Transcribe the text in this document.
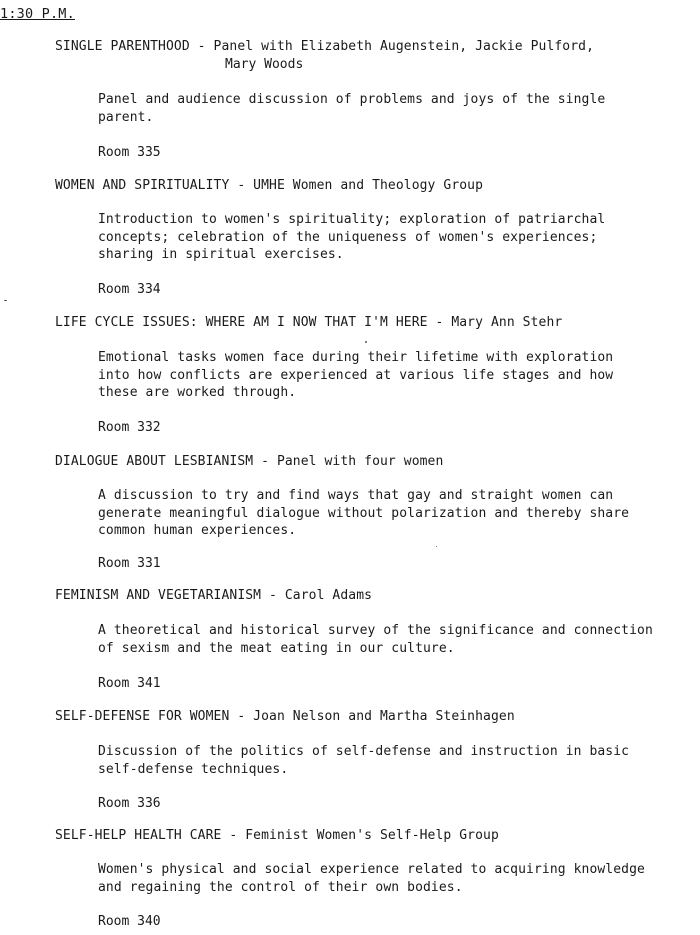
1:30 P.M.
SINGLE PARENTHOOD - Panel with Elizabeth Augenstein, Jackie Pulford,
Mary Woods
Panel and audience discussion of problems and joys of the single
parent.
Room 335
WOMEN AND SPIRITUALITY - UMHE Women and Theology Group
Introduction to women's spirituality; exploration of patriarchal
concepts; celebration of the uniqueness of women's experiences;
sharing in spiritual exercises.
Room 334
LIFE CYCLE ISSUES: WHERE AM I NOW THAT I'M HERE - Mary Ann Stehr
Emotional tasks women face during their lifetime with exploration
into how conflicts are experienced at various life stages and how
these are worked through.
Room 332
DIALOGUE ABOUT LESBIANISM - Panel with four women
A discussion to try and find ways that gay and straight women can
generate meaningful dialogue without polarization and thereby share
common human experiences.
Room 331
FEMINISM AND VEGETARIANISM - Carol Adams
A theoretical and historical survey of the significance and connection
of sexism and the meat eating in our culture.
Room 341
SELF-DEFENSE FOR WOMEN - Joan Nelson and Martha Steinhagen
Discussion of the politics of self-defense and instruction in basic
self-defense techniques.
Room 336
SELF-HELP HEALTH CARE - Feminist Women's Self-Help Group
Women's physical and social experience related to acquiring knowledge
and regaining the control of their own bodies.
Room 340
